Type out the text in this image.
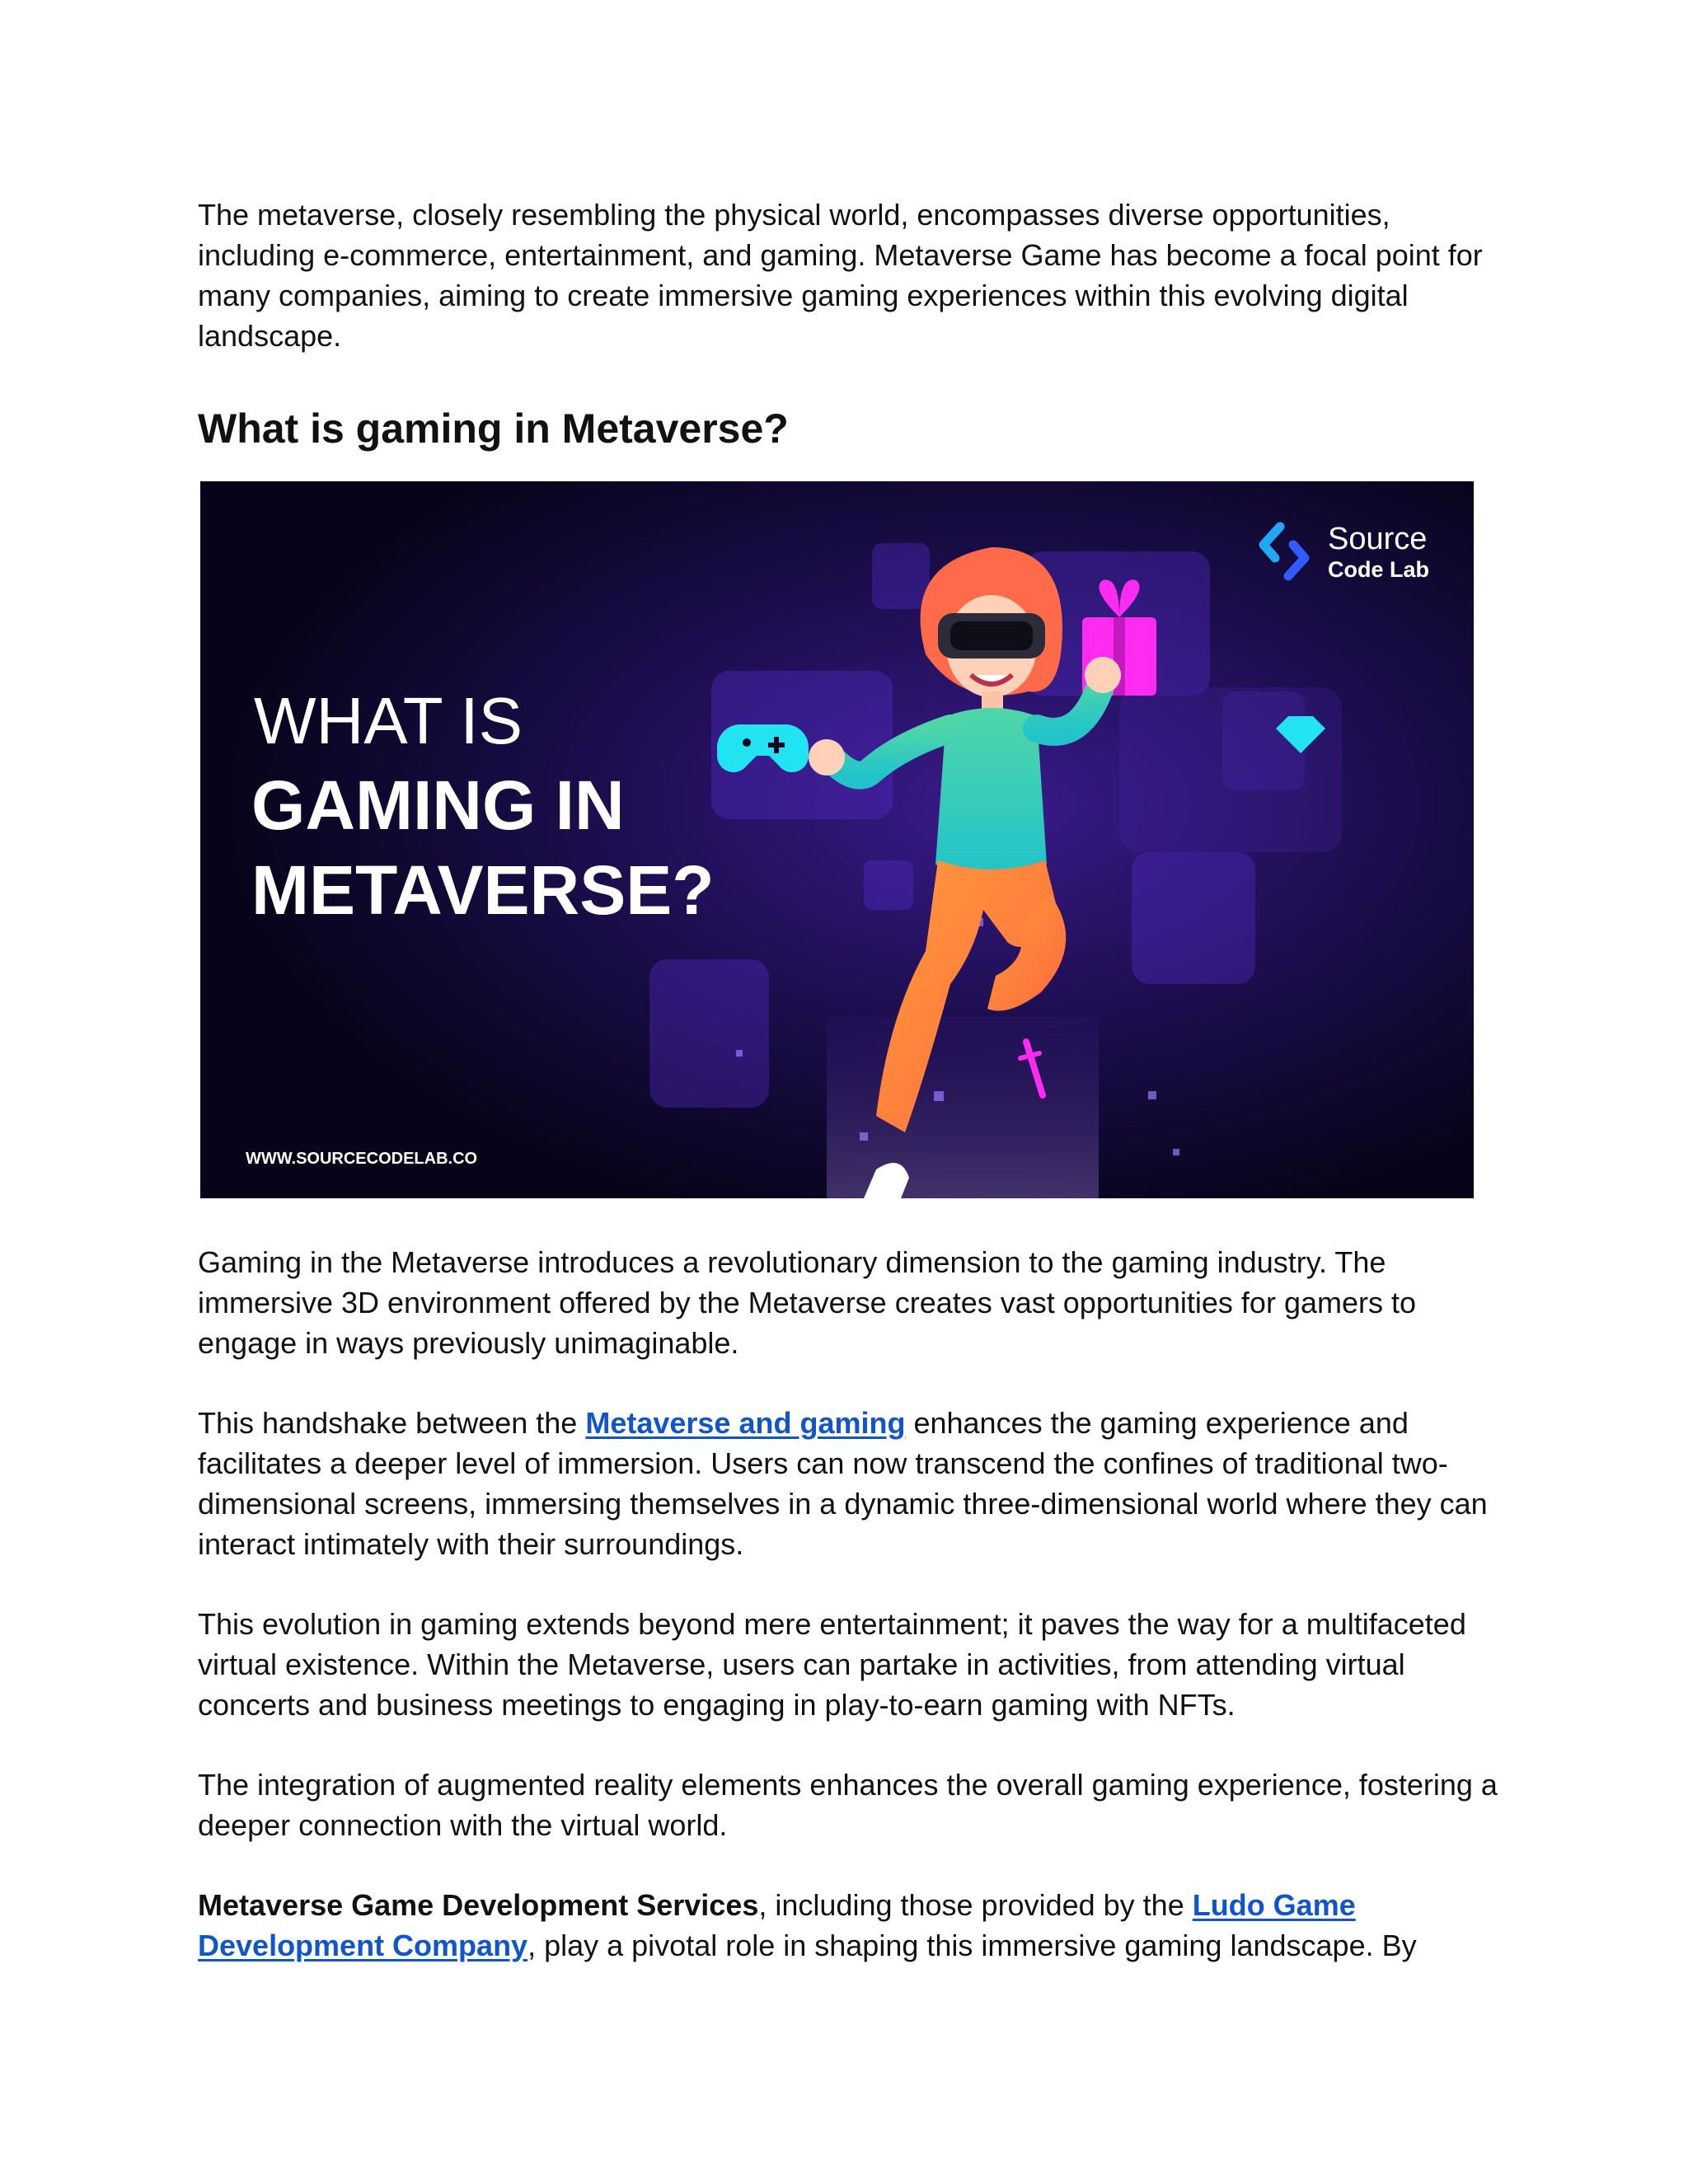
The metaverse, closely resembling the physical world, encompasses diverse opportunities, including e-commerce, entertainment, and gaming. Metaverse Game has become a focal point for many companies, aiming to create immersive gaming experiences within this evolving digital landscape.

What is gaming in Metaverse?
Source
Code Lab
WHAT IS
GAMING IN
METAVERSE?
WWW.SOURCECODELAB.CO

Gaming in the Metaverse introduces a revolutionary dimension to the gaming industry. The immersive 3D environment offered by the Metaverse creates vast opportunities for gamers to engage in ways previously unimaginable.

This handshake between the Metaverse and gaming enhances the gaming experience and facilitates a deeper level of immersion. Users can now transcend the confines of traditional two-dimensional screens, immersing themselves in a dynamic three-dimensional world where they can interact intimately with their surroundings.

This evolution in gaming extends beyond mere entertainment; it paves the way for a multifaceted virtual existence. Within the Metaverse, users can partake in activities, from attending virtual concerts and business meetings to engaging in play-to-earn gaming with NFTs.

The integration of augmented reality elements enhances the overall gaming experience, fostering a deeper connection with the virtual world.

Metaverse Game Development Services, including those provided by the Ludo Game Development Company, play a pivotal role in shaping this immersive gaming landscape. By
